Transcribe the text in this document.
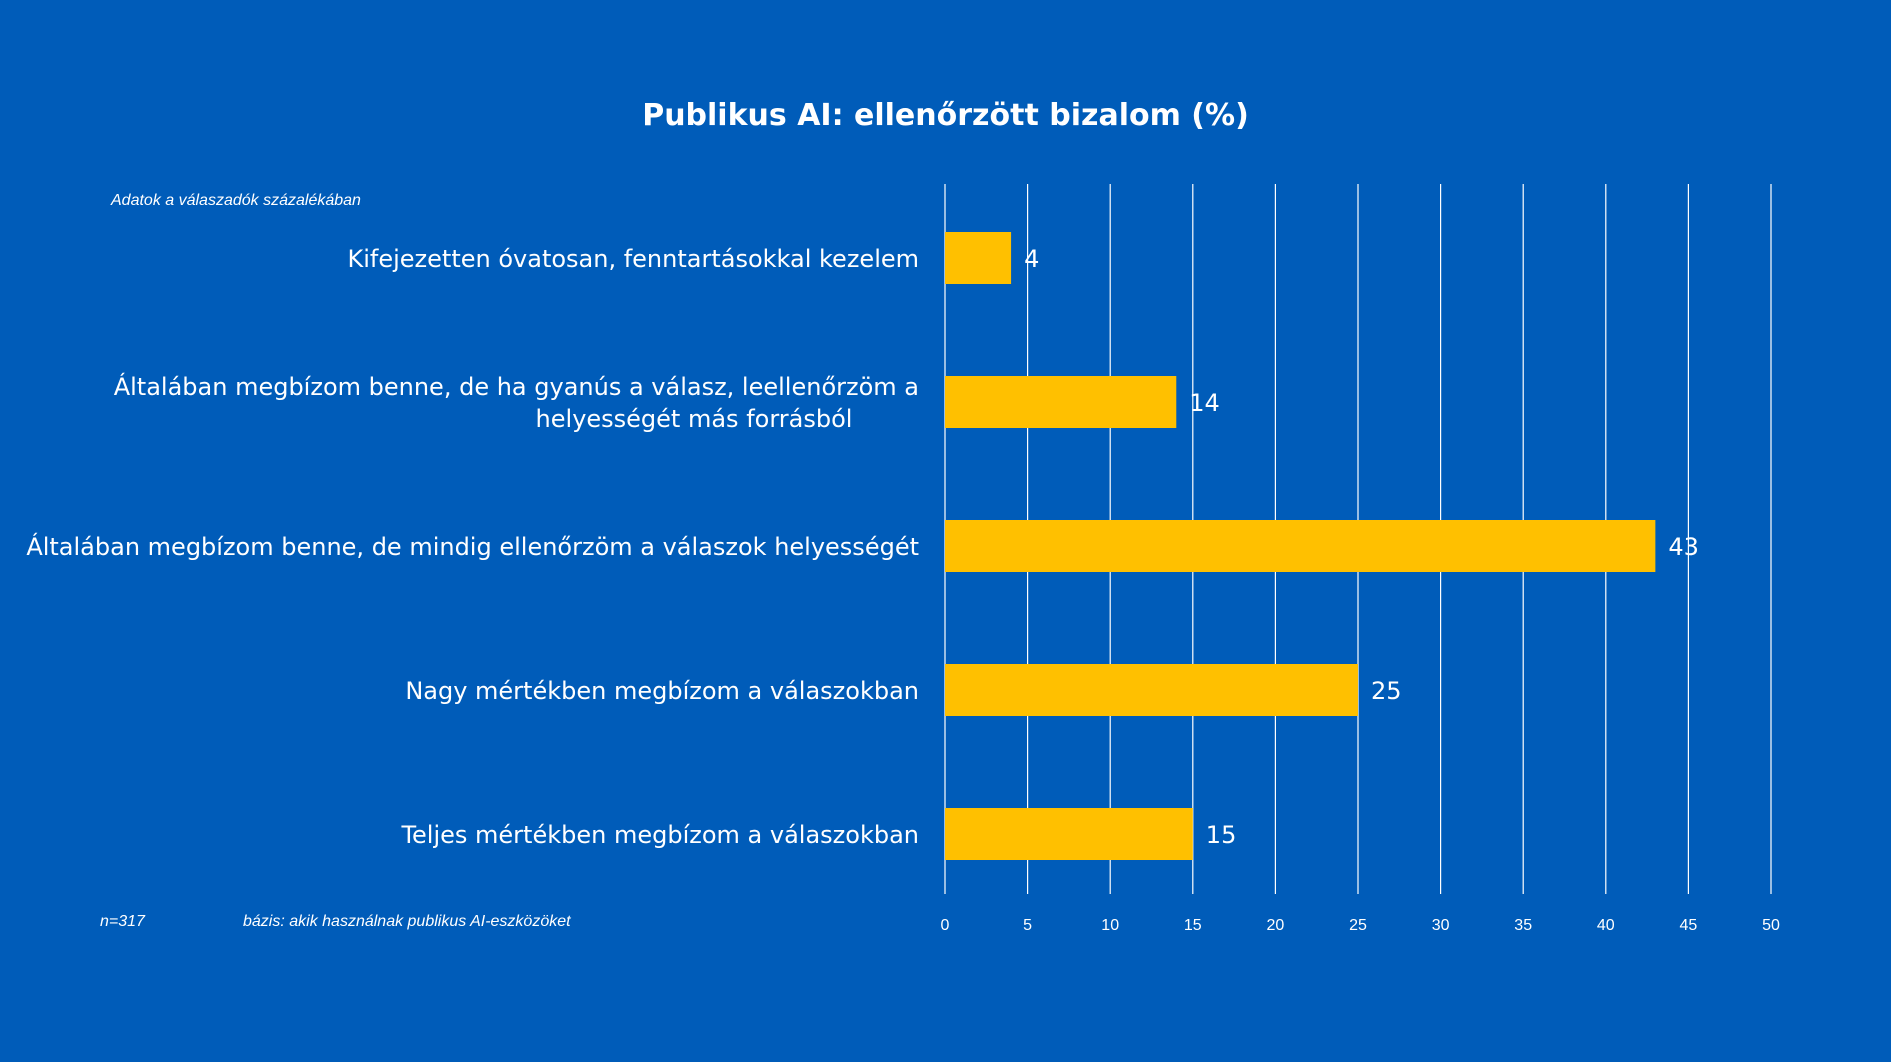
Publikus AI: ellenőrzött bizalom (%)
Adatok a válaszadók százalékában
n=317	bázis: akik használnak publikus AI-eszközöket
4
Kifejezetten óvatosan, fenntartásokkal kezelem
14
Általában megbízom benne, de ha gyanús a válasz, leellenőrzöm a helyességét más forrásból
43
Általában megbízom benne, de mindig ellenőrzöm a válaszok helyességét
25
Nagy mértékben megbízom a válaszokban
15
Teljes mértékben megbízom a válaszokban
0	5	10	15	20	25	30	35	40	45	50
